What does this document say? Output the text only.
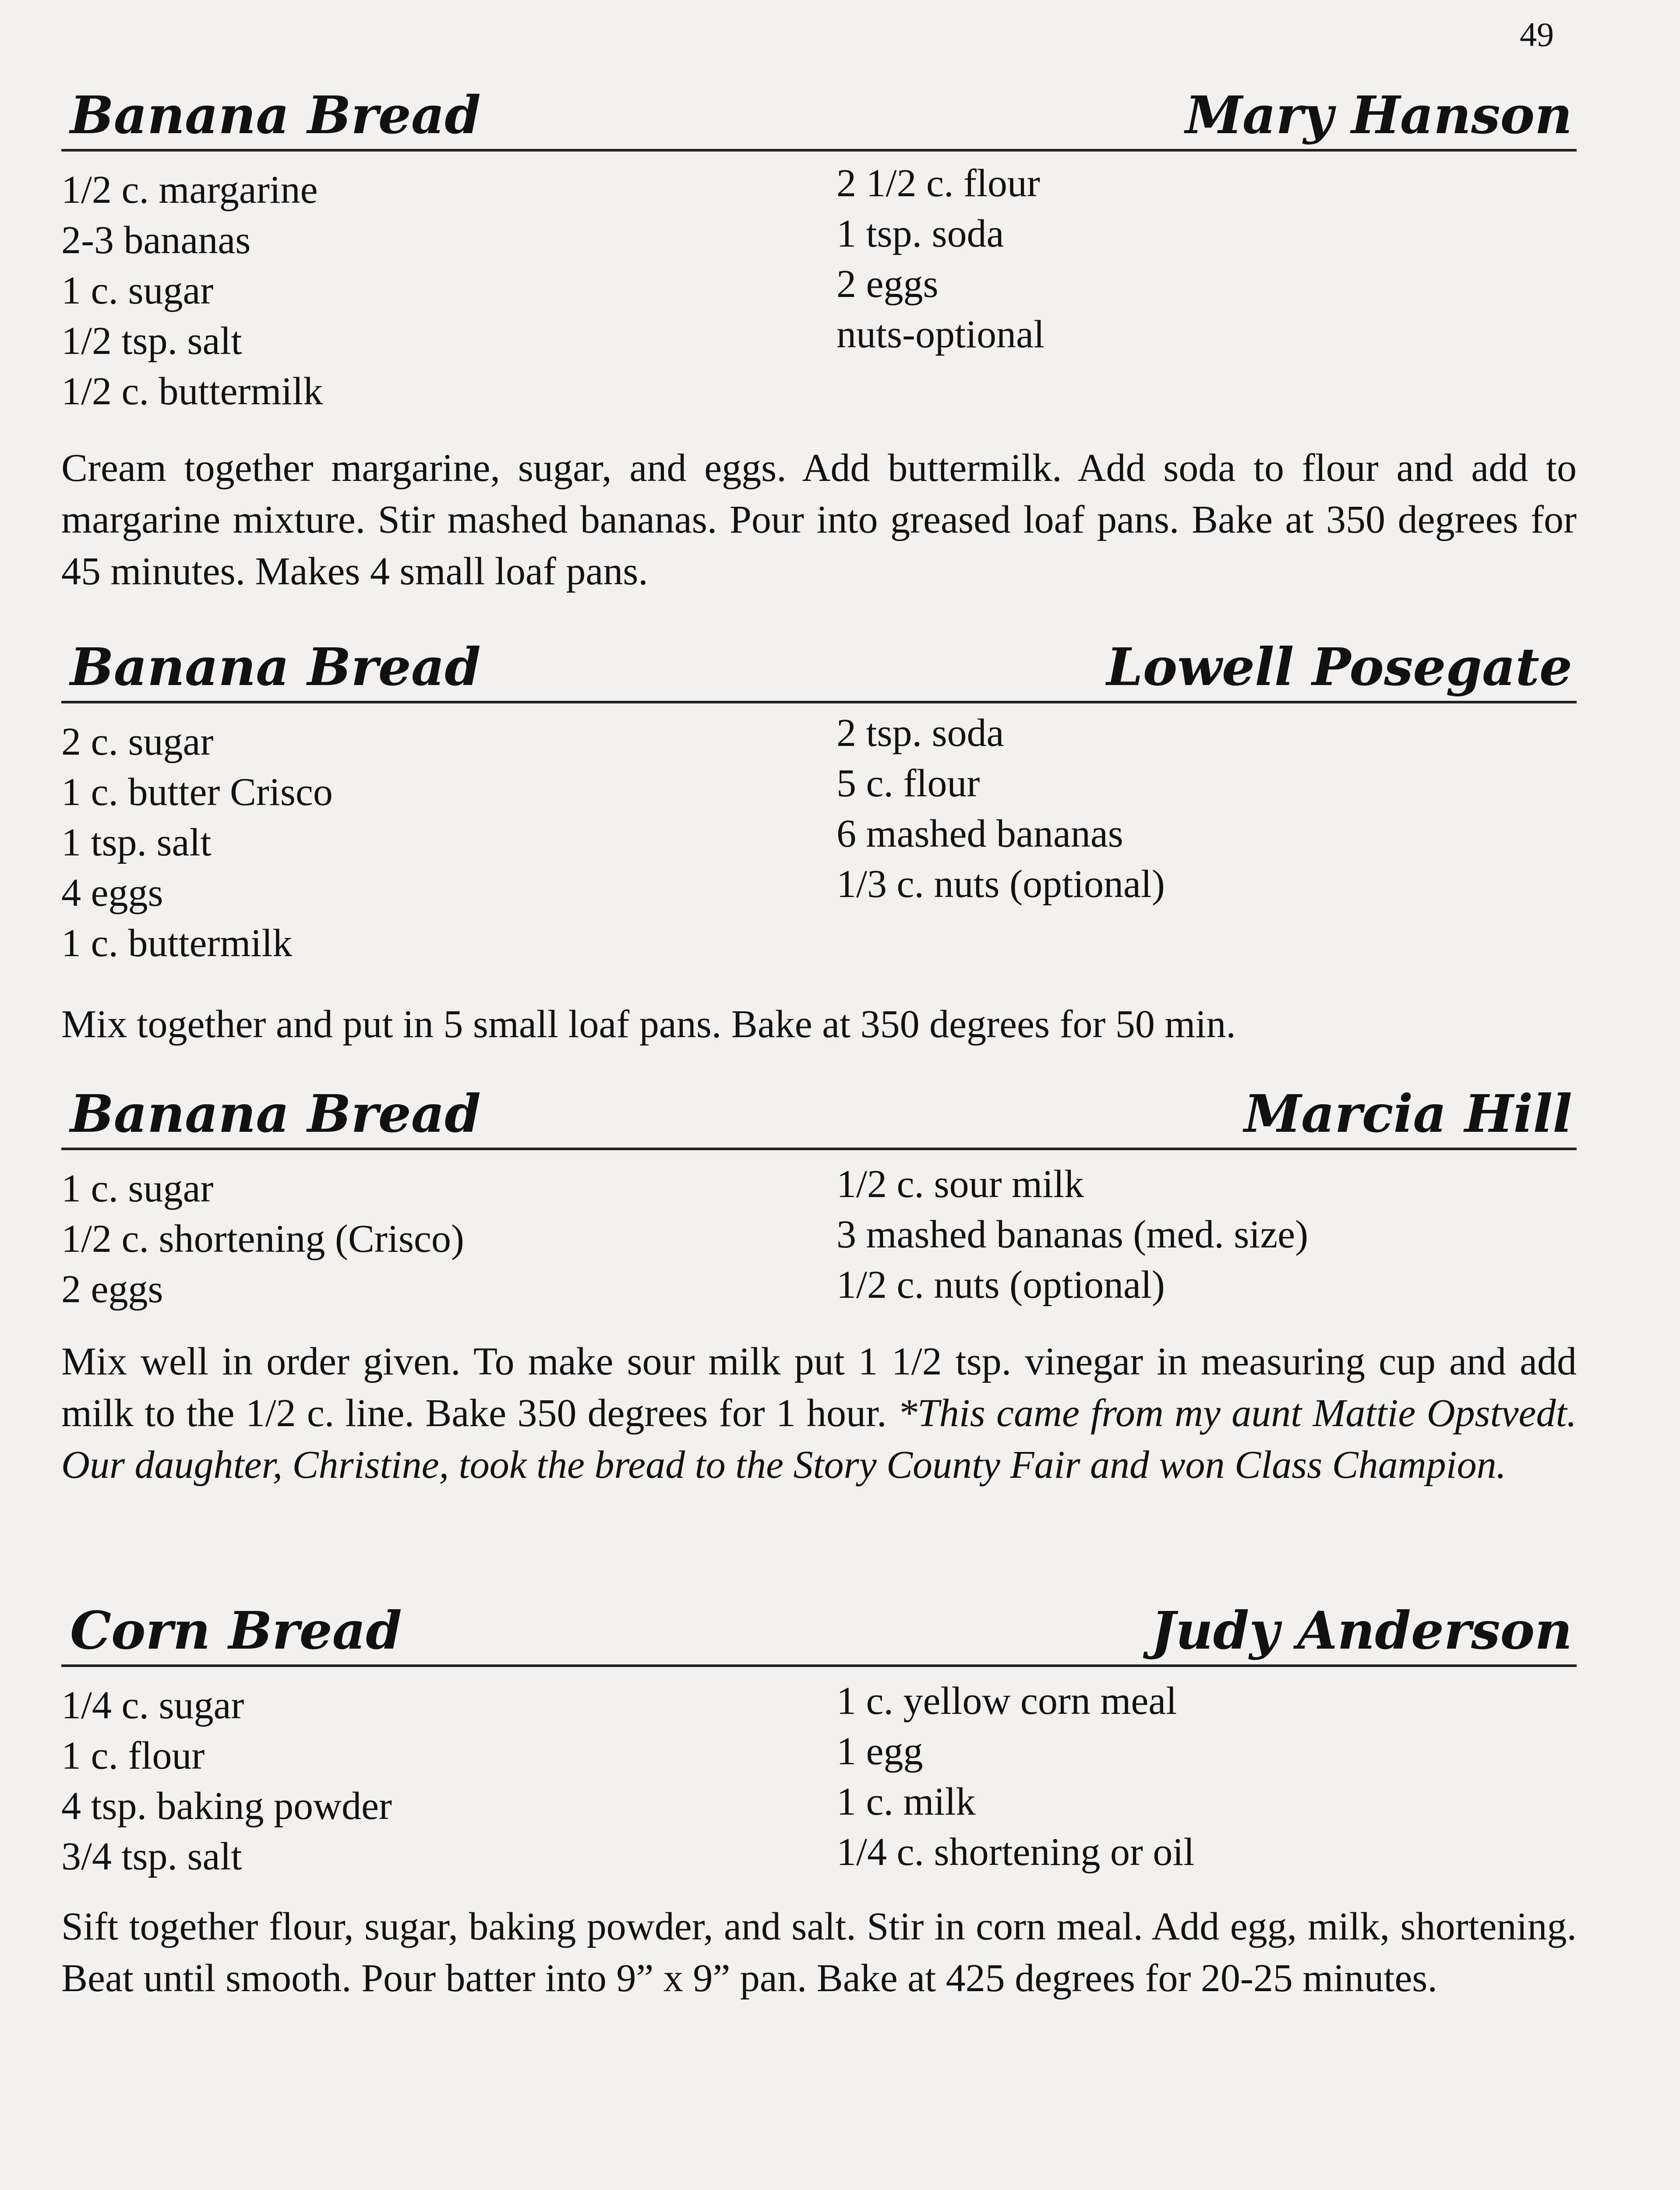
49
Banana Bread	Mary Hanson
1/2 c. margarine
2-3 bananas
1 c. sugar
1/2 tsp. salt
1/2 c. buttermilk
2 1/2 c. flour
1 tsp. soda
2 eggs
nuts-optional

Cream together margarine, sugar, and eggs. Add buttermilk. Add soda to flour and add to margarine mixture. Stir mashed bananas. Pour into greased loaf pans. Bake at 350 degrees for 45 minutes. Makes 4 small loaf pans.

Banana Bread	Lowell Posegate
2 c. sugar
1 c. butter Crisco
1 tsp. salt
4 eggs
1 c. buttermilk
2 tsp. soda
5 c. flour
6 mashed bananas
1/3 c. nuts (optional)

Mix together and put in 5 small loaf pans. Bake at 350 degrees for 50 min.

Banana Bread	Marcia Hill
1 c. sugar
1/2 c. shortening (Crisco)
2 eggs
1/2 c. sour milk
3 mashed bananas (med. size)
1/2 c. nuts (optional)

Mix well in order given. To make sour milk put 1 1/2 tsp. vinegar in measuring cup and add milk to the 1/2 c. line. Bake 350 degrees for 1 hour. *This came from my aunt Mattie Opstvedt. Our daughter, Christine, took the bread to the Story County Fair and won Class Champion.

Corn Bread	Judy Anderson
1/4 c. sugar
1 c. flour
4 tsp. baking powder
3/4 tsp. salt
1 c. yellow corn meal
1 egg
1 c. milk
1/4 c. shortening or oil

Sift together flour, sugar, baking powder, and salt. Stir in corn meal. Add egg, milk, shortening. Beat until smooth. Pour batter into 9” x 9” pan. Bake at 425 degrees for 20-25 minutes.
